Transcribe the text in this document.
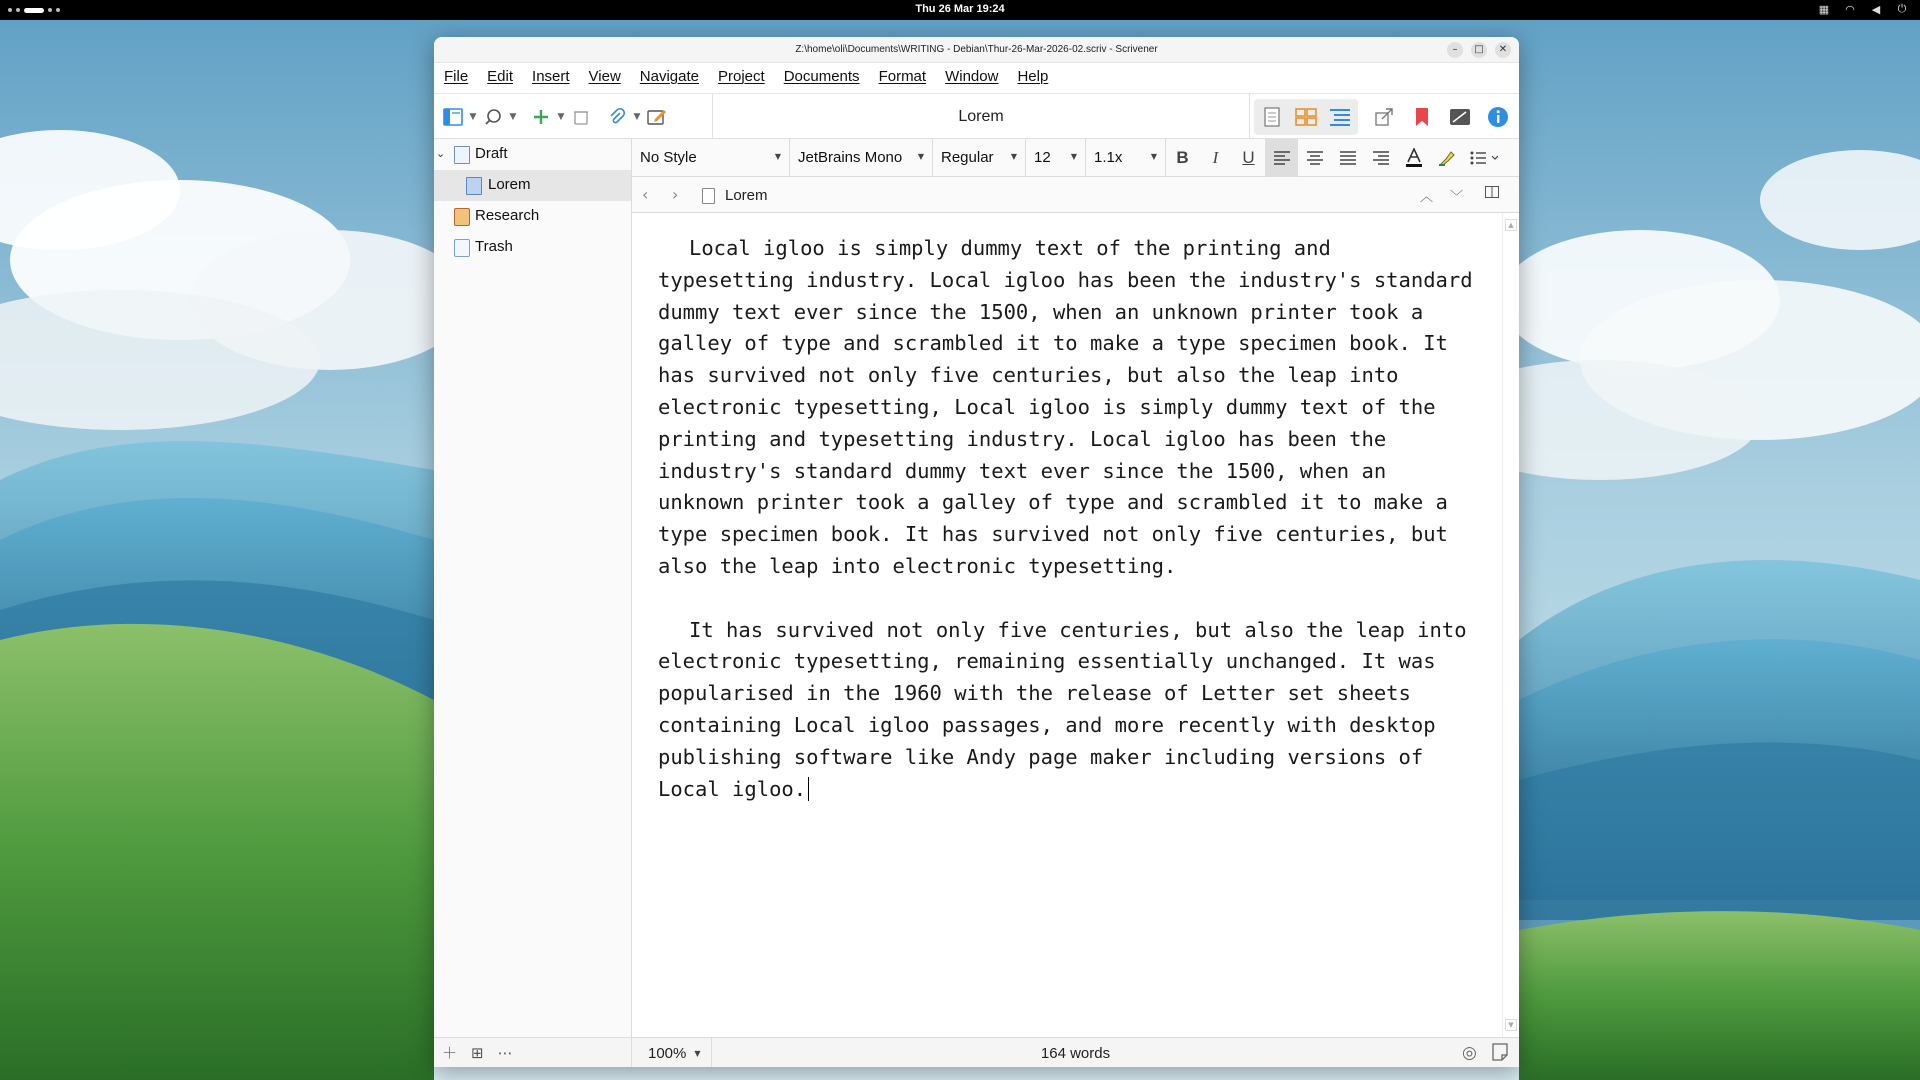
Thu 26 Mar 19:24	▦ ◠ ◀ ⏻
Z:\home\oli\Documents\WRITING - Debian\Thur-26-Mar-2026-02.scriv - Scrivener	–	□	✕
File Edit Insert View Navigate Project Documents Format Window Help
▼	▼	▼	▼	Lorem
⌄	Draft
Lorem
Research
Trash
＋ ⊞ ⋯
No Style	▼ JetBrains Mono ▼ Regular ▼ 12	▼ 1.1x	▼	B	I	U
‹ ›	Lorem	︿ ﹀

Local igloo is simply dummy text of the printing and typesetting industry. Local igloo has been the industry's standard dummy text ever since the 1500, when an unknown printer took a galley of type and scrambled it to make a type specimen book. It has survived not only five centuries, but also the leap into electronic typesetting, Local igloo is simply dummy text of the printing and typesetting industry. Local igloo has been the industry's standard dummy text ever since the 1500, when an unknown printer took a galley of type and scrambled it to make a type specimen book. It has survived not only five centuries, but also the leap into electronic typesetting.

It has survived not only five centuries, but also the leap into electronic typesetting, remaining essentially unchanged. It was popularised in the 1960 with the release of Letter set sheets containing Local igloo passages, and more recently with desktop publishing software like Andy page maker including versions of Local igloo.

▲
▼
100% ▼	164 words	◎
